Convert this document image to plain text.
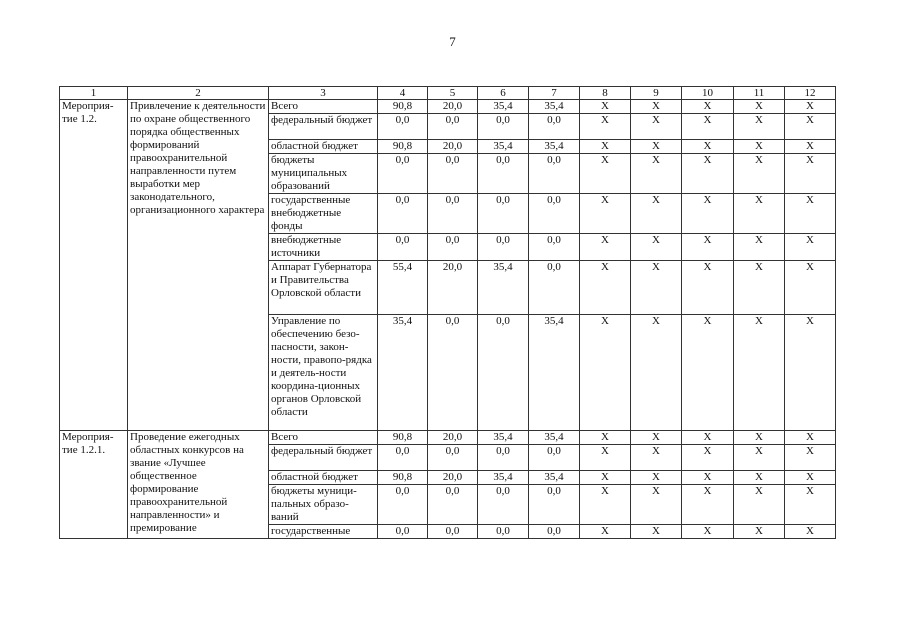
7
1	2	3	4	5	6	7	8	9	10	11	12
Мероприя-
тие 1.2.	Привлечение к деятельности по охране общественного порядка общественных формирований правоохранительной направленности путем выработки мер законодательного, организационного характера	Всего	90,8	20,0	35,4	35,4	X	X	X	X	X
		федеральный бюджет	0,0	0,0	0,0	0,0	X	X	X	X	X
		областной бюджет	90,8	20,0	35,4	35,4	X	X	X	X	X
		бюджеты муниципальных образований	0,0	0,0	0,0	0,0	X	X	X	X	X
		государственные внебюджетные фонды	0,0	0,0	0,0	0,0	X	X	X	X	X
		внебюджетные источники	0,0	0,0	0,0	0,0	X	X	X	X	X
		Аппарат Губернатора и Правительства Орловской области	55,4	20,0	35,4	0,0	X	X	X	X	X
		Управление по обеспечению безо-пасности, закон-ности, правопо-рядка и деятель-ности координа-ционных органов Орловской области	35,4	0,0	0,0	35,4	X	X	X	X	X
Мероприя-
тие 1.2.1.	Проведение ежегодных областных конкурсов на звание «Лучшее общественное формирование правоохранительной направленности» и премирование	Всего	90,8	20,0	35,4	35,4	X	X	X	X	X
		федеральный бюджет	0,0	0,0	0,0	0,0	X	X	X	X	X
		областной бюджет	90,8	20,0	35,4	35,4	X	X	X	X	X
		бюджеты муници-пальных образо-ваний	0,0	0,0	0,0	0,0	X	X	X	X	X
		государственные	0,0	0,0	0,0	0,0	X	X	X	X	X
